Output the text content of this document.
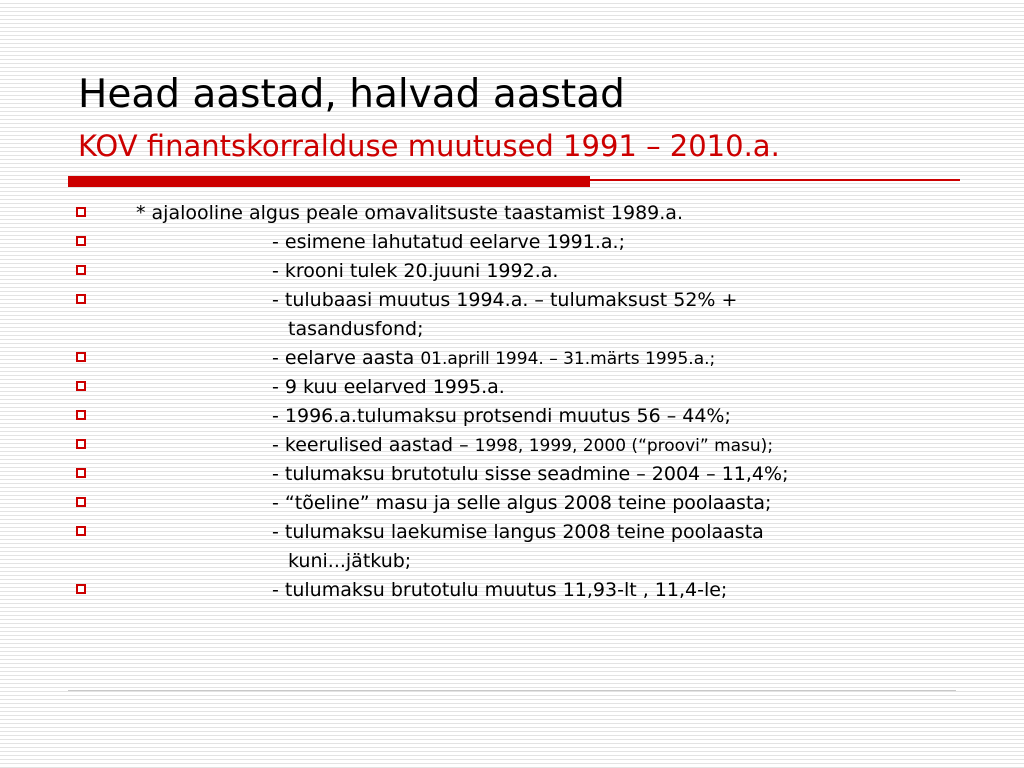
Head aastad, halvad aastad
KOV finantskorralduse muutused 1991 – 2010.a.
* ajalooline algus peale omavalitsuste taastamist 1989.a.
- esimene lahutatud eelarve 1991.a.;
- krooni tulek 20.juuni 1992.a.
- tulubaasi muutus 1994.a. – tulumaksust 52% +
tasandusfond;
- eelarve aasta 01.aprill 1994. – 31.märts 1995.a.;
- 9 kuu eelarved 1995.a.
- 1996.a.tulumaksu protsendi muutus 56 – 44%;
- keerulised aastad – 1998, 1999, 2000 (“proovi” masu);
- tulumaksu brutotulu sisse seadmine – 2004 – 11,4%;
- “tõeline” masu ja selle algus 2008 teine poolaasta;
- tulumaksu laekumise langus 2008 teine poolaasta
kuni...jätkub;
- tulumaksu brutotulu muutus 11,93-lt , 11,4-le;
